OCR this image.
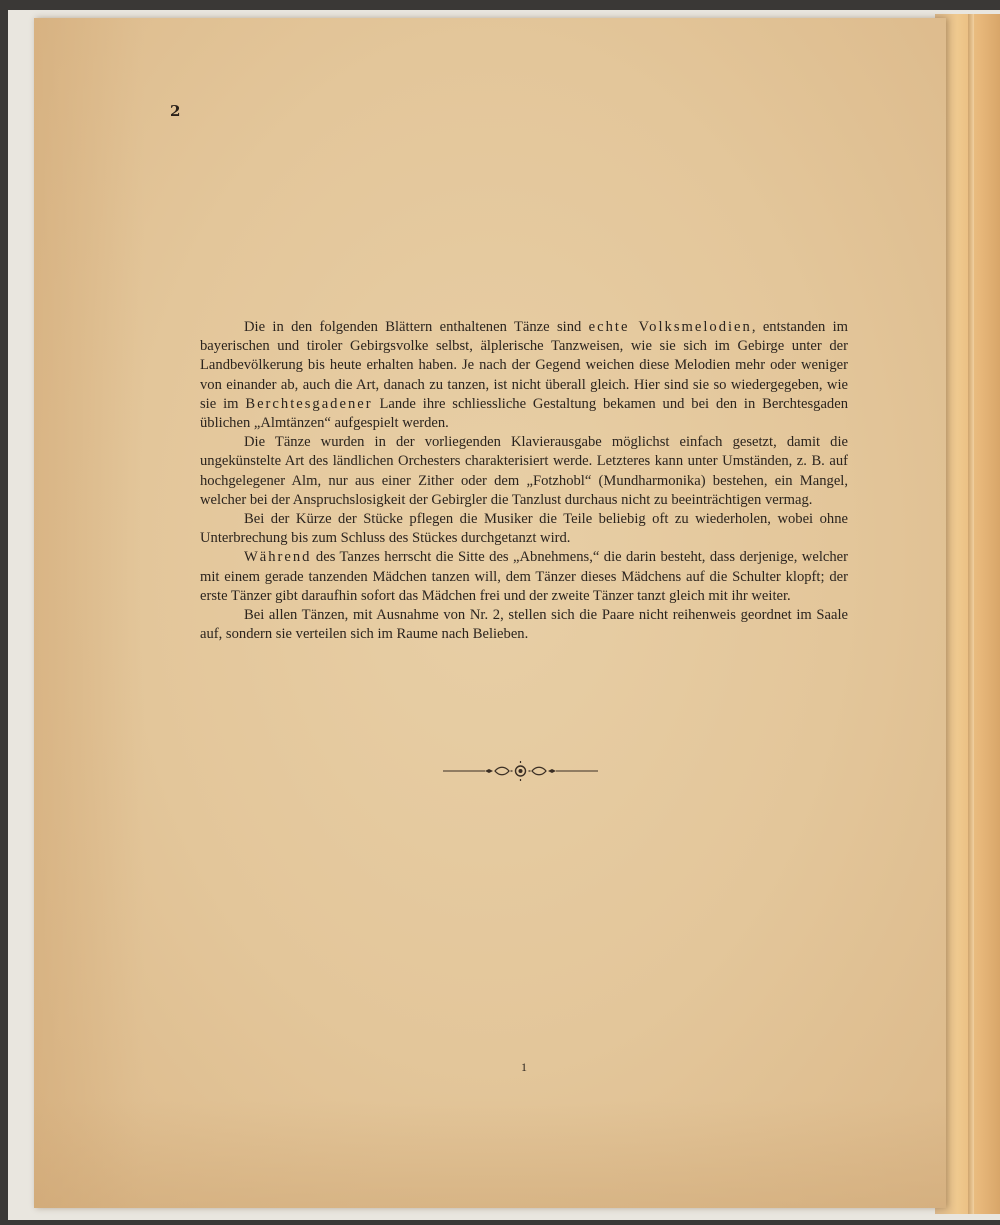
2

Die in den folgenden Blättern enthaltenen Tänze sind echte Volksmelodien, entstanden im bayerischen und tiroler Gebirgsvolke selbst, älplerische Tanzweisen, wie sie sich im Gebirge unter der Landbevölkerung bis heute erhalten haben. Je nach der Gegend weichen diese Melodien mehr oder weniger von einander ab, auch die Art, danach zu tanzen, ist nicht überall gleich. Hier sind sie so wiedergegeben, wie sie im Berchtesgadener Lande ihre schliessliche Gestaltung bekamen und bei den in Berchtesgaden üblichen „Almtänzen“ aufgespielt werden.

Die Tänze wurden in der vorliegenden Klavierausgabe möglichst einfach gesetzt, damit die ungekünstelte Art des ländlichen Orchesters charakterisiert werde. Letzteres kann unter Umständen, z. B. auf hochgelegener Alm, nur aus einer Zither oder dem „Fotzhobl“ (Mundharmonika) bestehen, ein Mangel, welcher bei der Anspruchslosigkeit der Gebirgler die Tanzlust durchaus nicht zu beeinträchtigen vermag.

Bei der Kürze der Stücke pflegen die Musiker die Teile beliebig oft zu wiederholen, wobei ohne Unterbrechung bis zum Schluss des Stückes durchgetanzt wird.

Während des Tanzes herrscht die Sitte des „Abnehmens,“ die darin besteht, dass derjenige, welcher mit einem gerade tanzenden Mädchen tanzen will, dem Tänzer dieses Mädchens auf die Schulter klopft; der erste Tänzer gibt daraufhin sofort das Mädchen frei und der zweite Tänzer tanzt gleich mit ihr weiter.

Bei allen Tänzen, mit Ausnahme von Nr. 2, stellen sich die Paare nicht reihenweis geordnet im Saale auf, sondern sie verteilen sich im Raume nach Belieben.

1
